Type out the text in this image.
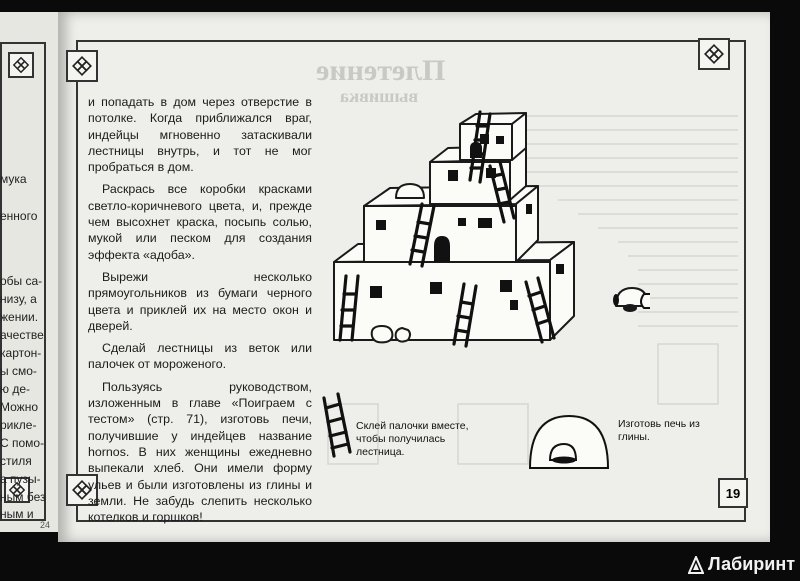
мука
енного
обы са-
низу, а
жении.
ачестве
картон-
ы смо-
ю де-
Можно
рикле-
С помо-
стиля
а пузы-
ным без
ным и
24
Плетение
вышивка

и попадать в дом через отверстие в потолке. Когда приближался враг, индейцы мгновенно затаскивали лестницы внутрь, и тот не мог пробраться в дом.

Раскрась все коробки красками светло-коричневого цвета, и, прежде чем высохнет краска, посыпь солью, мукой или песком для создания эффекта «адоба».

Вырежи несколько прямоугольников из бумаги черного цвета и приклей их на место окон и дверей.

Сделай лестницы из веток или палочек от мороженого.

Пользуясь руководством, изложенным в главе «Поиграем с тестом» (стр. 71), изготовь печи, получившие у индейцев название hornos. В них женщины ежедневно выпекали хлеб. Они имели форму ульев и были изготовлены из глины и земли. Не забудь слепить несколько котелков и горшков!

Склей палочки вместе, чтобы получилась лестница.
Изготовь печь из глины.
19
Лабиринт
